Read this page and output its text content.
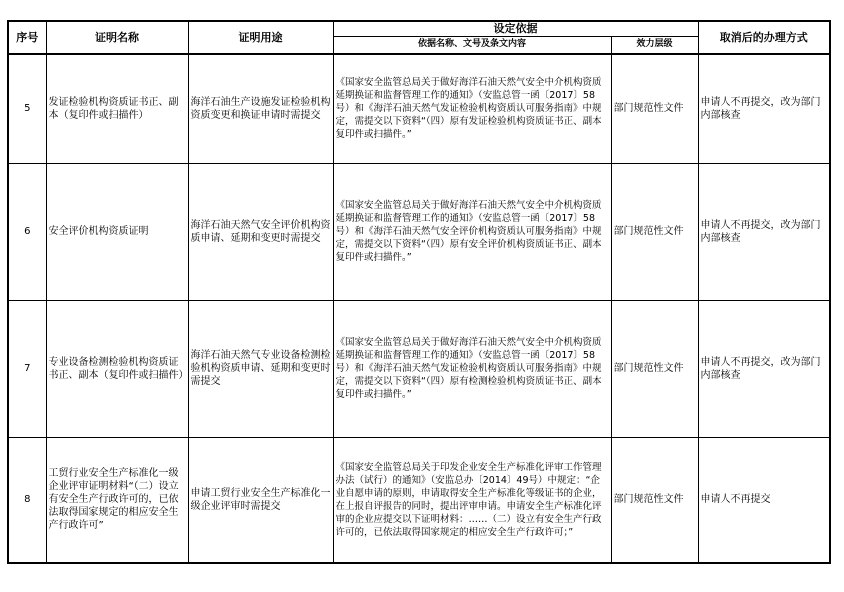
序号	证明名称	证明用途	设定依据		取消后的办理方式
			依据名称、文号及条文内容	效力层级	
5	发证检验机构资质证书正、副本（复印件或扫描件）	海洋石油生产设施发证检验机构资质变更和换证申请时需提交	《国家安全监管总局关于做好海洋石油天然气安全中介机构资质延期换证和监督管理工作的通知》（安监总管一函〔2017〕58号）和《海洋石油天然气发证检验机构资质认可服务指南》中规定，需提交以下资料“（四）原有发证检验机构资质证书正、副本复印件或扫描件。”	部门规范性文件	申请人不再提交，改为部门内部核查
6	安全评价机构资质证明	海洋石油天然气安全评价机构资质申请、延期和变更时需提交	《国家安全监管总局关于做好海洋石油天然气安全中介机构资质延期换证和监督管理工作的通知》（安监总管一函〔2017〕58号）和《海洋石油天然气安全评价机构资质认可服务指南》中规定，需提交以下资料“（四）原有安全评价机构资质证书正、副本复印件或扫描件。”	部门规范性文件	申请人不再提交，改为部门内部核查
7	专业设备检测检验机构资质证书正、副本（复印件或扫描件）	海洋石油天然气专业设备检测检验机构资质申请、延期和变更时需提交	《国家安全监管总局关于做好海洋石油天然气安全中介机构资质延期换证和监督管理工作的通知》（安监总管一函〔2017〕58号）和《海洋石油天然气发证检验机构资质认可服务指南》中规定，需提交以下资料“（四）原有检测检验机构资质证书正、副本复印件或扫描件。”	部门规范性文件	申请人不再提交，改为部门内部核查
8	工贸行业安全生产标准化一级企业评审证明材料“（二）设立有安全生产行政许可的，已依法取得国家规定的相应安全生产行政许可”	申请工贸行业安全生产标准化一级企业评审时需提交	《国家安全监管总局关于印发企业安全生产标准化评审工作管理办法（试行）的通知》（安监总办〔2014〕49号）中规定：“企业自愿申请的原则，申请取得安全生产标准化等级证书的企业，在上报自评报告的同时，提出评审申请。申请安全生产标准化评审的企业应提交以下证明材料：……（二）设立有安全生产行政许可的，已依法取得国家规定的相应安全生产行政许可；”	部门规范性文件	申请人不再提交
